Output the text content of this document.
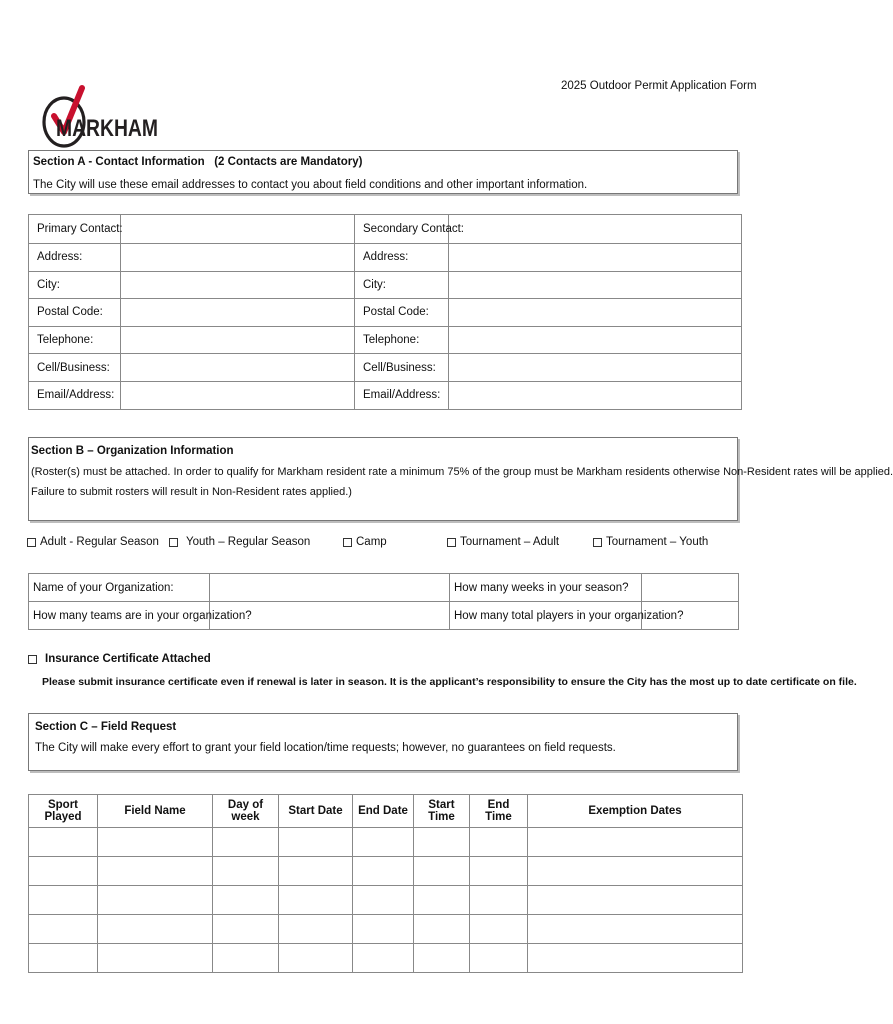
2025 Outdoor Permit Application Form
MARKHAM
Section A - Contact Information   (2 Contacts are Mandatory)
The City will use these email addresses to contact you about field conditions and other important information.
Primary Contact:		Secondary Contact:	
Address:		Address:	
City:		City:	
Postal Code:		Postal Code:	
Telephone:		Telephone:	
Cell/Business:		Cell/Business:	
Email/Address:		Email/Address:	
Section B – Organization Information
(Roster(s) must be attached. In order to qualify for Markham resident rate a minimum 75% of the group must be Markham residents otherwise Non-Resident rates will be applied.
Failure to submit rosters will result in Non-Resident rates applied.)
Adult - Regular Season Youth – Regular Season	Camp	Tournament – Adult	Tournament – Youth
Name of your Organization:		How many weeks in your season?	
How many teams are in your organization?		How many total players in your organization?	
Insurance Certificate Attached
Please submit insurance certificate even if renewal is later in season. It is the applicant’s responsibility to ensure the City has the most up to date certificate on file.
Section C – Field Request
The City will make every effort to grant your field location/time requests; however, no guarantees on field requests.
Sport Played	Field Name	Day of week	Start Date	End Date	Start Time	End Time	Exemption Dates
